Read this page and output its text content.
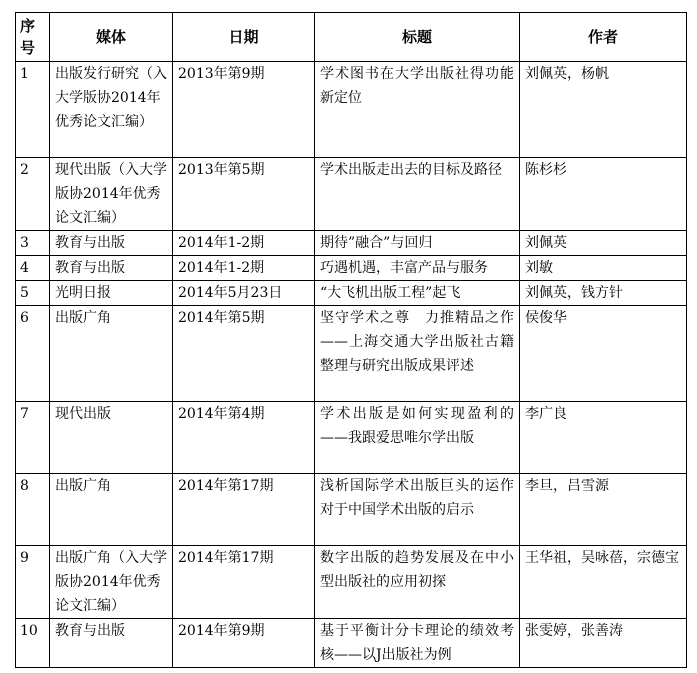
序号	媒体	日期	标题	作者
1	出版发行研究（入大学版协2014年优秀论文汇编）	2013年第9期	学术图书在大学出版社得功能新定位	刘佩英，杨帆
2	现代出版（入大学版协2014年优秀论文汇编）	2013年第5期	学术出版走出去的目标及路径	陈杉杉
3	教育与出版	2014年1-2期	期待”融合”与回归	刘佩英
4	教育与出版	2014年1-2期	巧遇机遇，丰富产品与服务	刘敏
5	光明日报	2014年5月23日	“大飞机出版工程”起飞	刘佩英，钱方针
6	出版广角	2014年第5期	坚守学术之尊　力推精品之作——上海交通大学出版社古籍整理与研究出版成果评述	侯俊华
7	现代出版	2014年第4期	学术出版是如何实现盈利的——我跟爱思唯尔学出版	李广良
8	出版广角	2014年第17期	浅析国际学术出版巨头的运作对于中国学术出版的启示	李旦，吕雪源
9	出版广角（入大学版协2014年优秀论文汇编）	2014年第17期	数字出版的趋势发展及在中小型出版社的应用初探	王华祖，吴咏蓓，宗德宝
10	教育与出版	2014年第9期	基于平衡计分卡理论的绩效考核——以J出版社为例	张雯婷，张善涛
